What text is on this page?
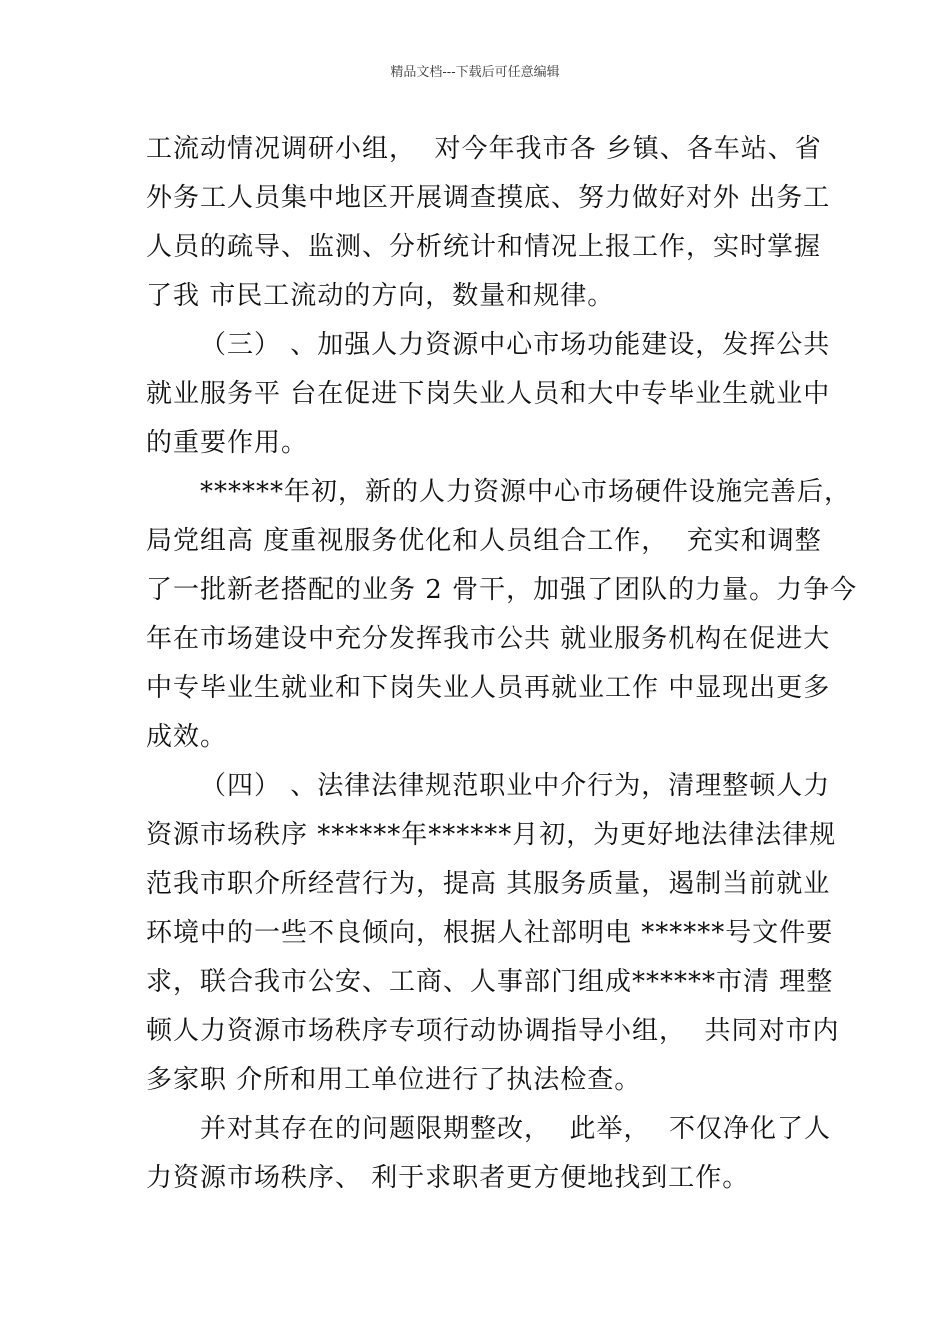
精品文档---下载后可任意编辑
工流动情况调研小组，  对今年我市各 乡镇、各车站、省
外务工人员集中地区开展调查摸底、努力做好对外 出务工
人员的疏导、监测、分析统计和情况上报工作，实时掌握
了我 市民工流动的方向，数量和规律。
（三） 、加强人力资源中心市场功能建设，发挥公共
就业服务平 台在促进下岗失业人员和大中专毕业生就业中
的重要作用。
******年初，新的人力资源中心市场硬件设施完善后，
局党组高 度重视服务优化和人员组合工作，  充实和调整
了一批新老搭配的业务 2 骨干，加强了团队的力量。力争今
年在市场建设中充分发挥我市公共 就业服务机构在促进大
中专毕业生就业和下岗失业人员再就业工作 中显现出更多
成效。
（四） 、法律法律规范职业中介行为，清理整顿人力
资源市场秩序 ******年******月初，为更好地法律法律规
范我市职介所经营行为，提高 其服务质量，遏制当前就业
环境中的一些不良倾向，根据人社部明电 ******号文件要
求，联合我市公安、工商、人事部门组成******市清 理整
顿人力资源市场秩序专项行动协调指导小组，  共同对市内
多家职 介所和用工单位进行了执法检查。
并对其存在的问题限期整改，  此举，  不仅净化了人
力资源市场秩序、 利于求职者更方便地找到工作。
